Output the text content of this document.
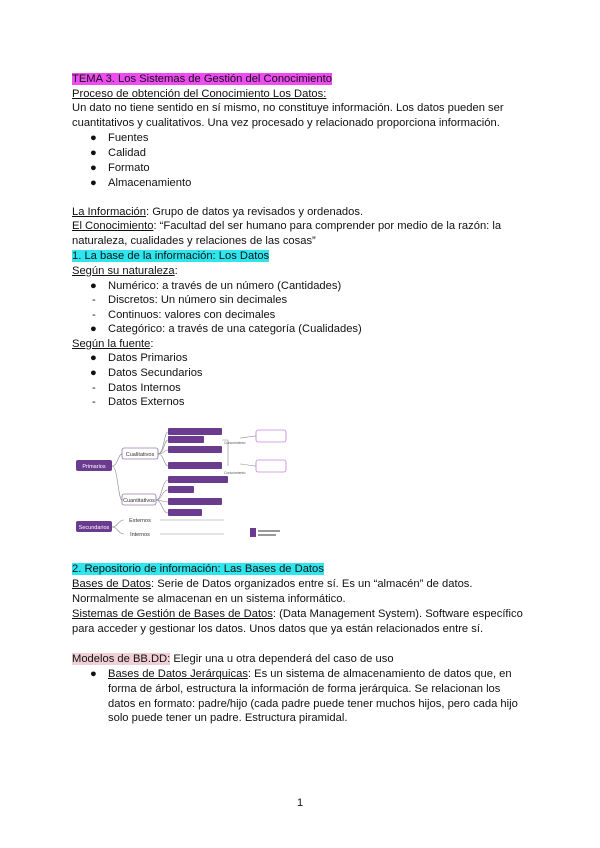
TEMA 3. Los Sistemas de Gestión del Conocimiento
Proceso de obtención del Conocimiento Los Datos:
Un dato no tiene sentido en sí mismo, no constituye información. Los datos pueden ser
cuantitativos y cualitativos. Una vez procesado y relacionado proporciona información.
● Fuentes
● Calidad
● Formato
● Almacenamiento
La Información: Grupo de datos ya revisados y ordenados.
El Conocimiento: “Facultad del ser humano para comprender por medio de la razón: la
naturaleza, cualidades y relaciones de las cosas”
1. La base de la información: Los Datos
Según su naturaleza:
● Numérico: a través de un número (Cantidades)
- Discretos: Un número sin decimales
- Continuos: valores con decimales
● Categórico: a través de una categoría (Cualidades)
Según la fuente:
● Datos Primarios
● Datos Secundarios
- Datos Internos
- Datos Externos
Primarios
Secundarios
Cualitativos
Cuantitativos
Externos
Internos
Conocimiento
Conocimiento
2. Repositorio de información: Las Bases de Datos
Bases de Datos: Serie de Datos organizados entre sí. Es un “almacén” de datos.
Normalmente se almacenan en un sistema informático.
Sistemas de Gestión de Bases de Datos: (Data Management System). Software específico
para acceder y gestionar los datos. Unos datos que ya están relacionados entre sí.
Modelos de BB.DD: Elegir una u otra dependerá del caso de uso
● Bases de Datos Jerárquicas: Es un sistema de almacenamiento de datos que, en
forma de árbol, estructura la información de forma jerárquica. Se relacionan los
datos en formato: padre/hijo (cada padre puede tener muchos hijos, pero cada hijo
solo puede tener un padre. Estructura piramidal.
1
